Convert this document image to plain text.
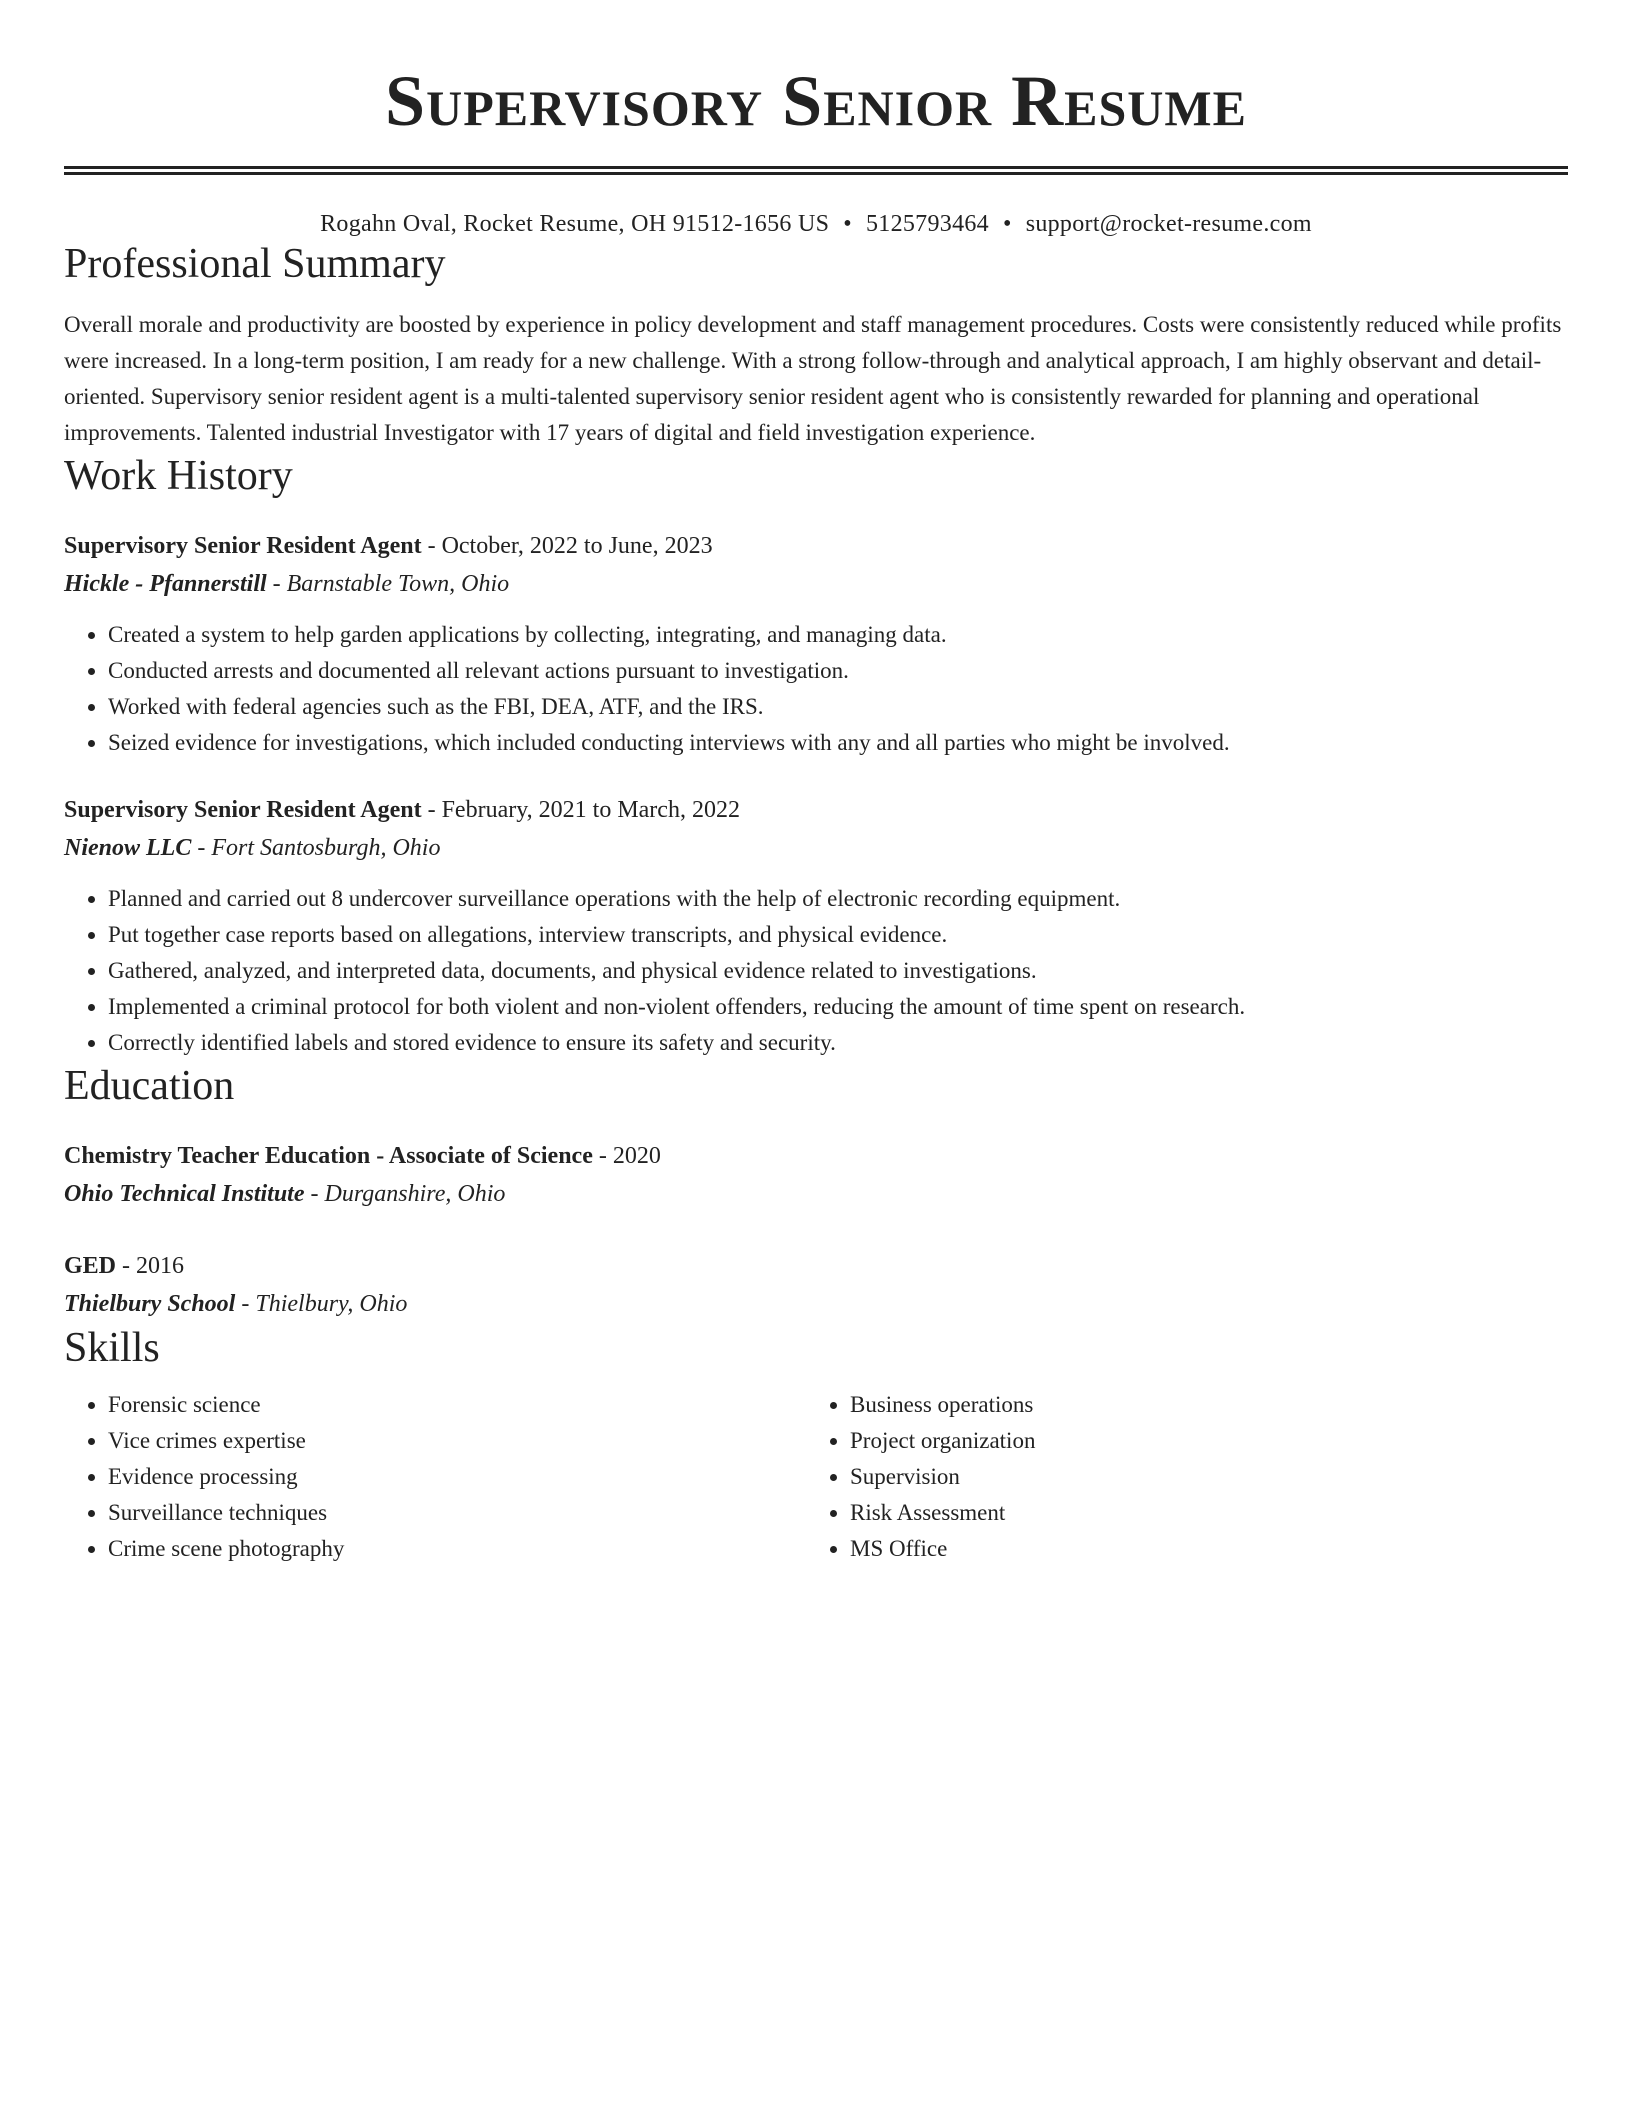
Supervisory Senior Resume
Rogahn Oval, Rocket Resume, OH 91512-1656 US • 5125793464 • support@rocket-resume.com
Professional Summary
Overall morale and productivity are boosted by experience in policy development and staff management procedures. Costs were consistently reduced while profits were increased. In a long-term position, I am ready for a new challenge. With a strong follow-through and analytical approach, I am highly observant and detail-oriented. Supervisory senior resident agent is a multi-talented supervisory senior resident agent who is consistently rewarded for planning and operational improvements. Talented industrial Investigator with 17 years of digital and field investigation experience.
Work History
Supervisory Senior Resident Agent - October, 2022 to June, 2023
Hickle - Pfannerstill - Barnstable Town, Ohio
• Created a system to help garden applications by collecting, integrating, and managing data.
• Conducted arrests and documented all relevant actions pursuant to investigation.
• Worked with federal agencies such as the FBI, DEA, ATF, and the IRS.
• Seized evidence for investigations, which included conducting interviews with any and all parties who might be involved.
Supervisory Senior Resident Agent - February, 2021 to March, 2022
Nienow LLC - Fort Santosburgh, Ohio
• Planned and carried out 8 undercover surveillance operations with the help of electronic recording equipment.
• Put together case reports based on allegations, interview transcripts, and physical evidence.
• Gathered, analyzed, and interpreted data, documents, and physical evidence related to investigations.
• Implemented a criminal protocol for both violent and non-violent offenders, reducing the amount of time spent on research.
• Correctly identified labels and stored evidence to ensure its safety and security.
Education
Chemistry Teacher Education - Associate of Science - 2020
Ohio Technical Institute - Durganshire, Ohio
GED - 2016
Thielbury School - Thielbury, Ohio
Skills
• Forensic science
• Vice crimes expertise
• Evidence processing
• Surveillance techniques
• Crime scene photography
• Business operations
• Project organization
• Supervision
• Risk Assessment
• MS Office
